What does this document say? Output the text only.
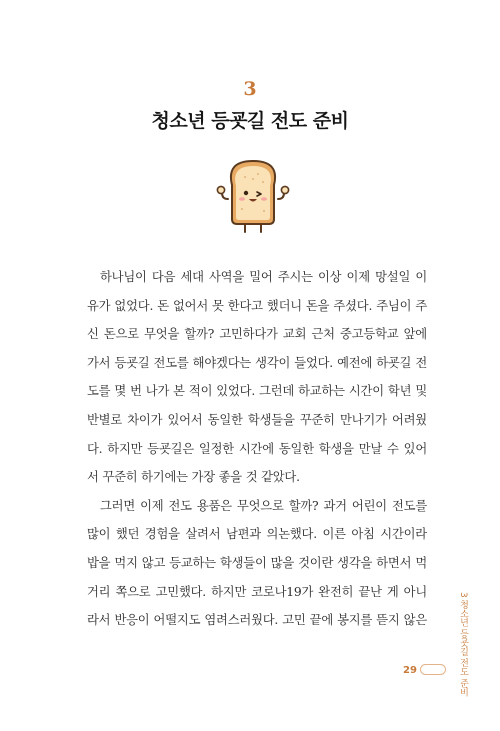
3
청소년 등굣길 전도 준비
하나님이 다음 세대 사역을 밀어 주시는 이상 이제 망설일 이
유가 없었다. 돈 없어서 못 한다고 했더니 돈을 주셨다. 주님이 주
신 돈으로 무엇을 할까? 고민하다가 교회 근처 중고등학교 앞에
가서 등굣길 전도를 해야겠다는 생각이 들었다. 예전에 하굣길 전
도를 몇 번 나가 본 적이 있었다. 그런데 하교하는 시간이 학년 및
반별로 차이가 있어서 동일한 학생들을 꾸준히 만나기가 어려웠
다. 하지만 등굣길은 일정한 시간에 동일한 학생을 만날 수 있어
서 꾸준히 하기에는 가장 좋을 것 같았다.
그러면 이제 전도 용품은 무엇으로 할까? 과거 어린이 전도를
많이 했던 경험을 살려서 남편과 의논했다. 이른 아침 시간이라
밥을 먹지 않고 등교하는 학생들이 많을 것이란 생각을 하면서 먹
거리 쪽으로 고민했다. 하지만 코로나19가 완전히 끝난 게 아니
라서 반응이 어떨지도 염려스러웠다. 고민 끝에 봉지를 뜯지 않은
29	3 청소년 등굣길 전도 준비
